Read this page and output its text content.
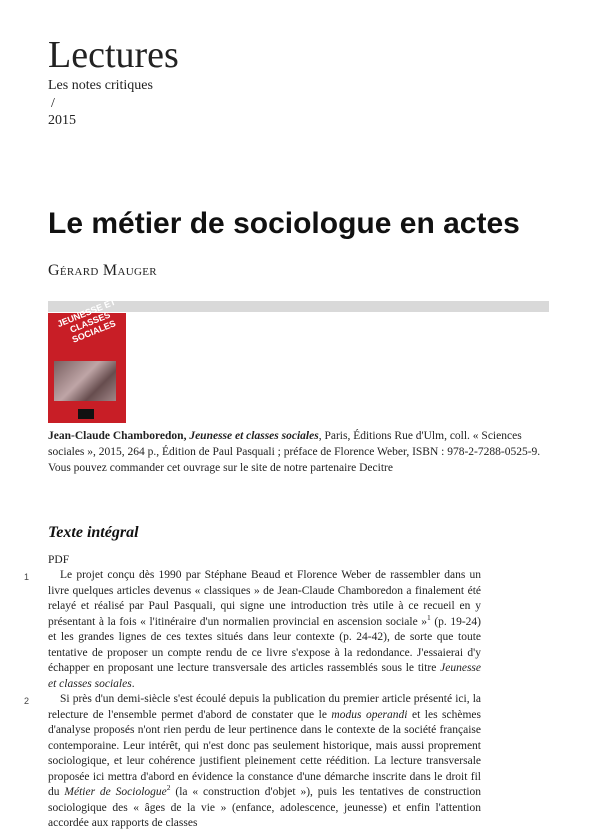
Lectures
Les notes critiques
/
2015
Le métier de sociologue en actes
Gérard Mauger
JEUNESSE ET CLASSES SOCIALES
Jean-Claude Chamboredon, Jeunesse et classes sociales, Paris, Éditions Rue d'Ulm, coll. « Sciences sociales », 2015, 264 p., Édition de Paul Pasquali ; préface de Florence Weber, ISBN : 978-2-7288-0525-9.
Vous pouvez commander cet ouvrage sur le site de notre partenaire Decitre
Texte intégral
PDF
1	Le projet conçu dès 1990 par Stéphane Beaud et Florence Weber de rassembler dans un livre quelques articles devenus « classiques » de Jean-Claude Chamboredon a finalement été relayé et réalisé par Paul Pasquali, qui signe une introduction très utile à ce recueil en y présentant à la fois « l'itinéraire d'un normalien provincial en ascension sociale »$^1$ (p. 19-24) et les grandes lignes de ces textes situés dans leur contexte (p. 24-42), de sorte que toute tentative de proposer un compte rendu de ce livre s'expose à la redondance. J'essaierai d'y échapper en proposant une lecture transversale des articles rassemblés sous le titre Jeunesse et classes sociales.

2	Si près d'un demi-siècle s'est écoulé depuis la publication du premier article présenté ici, la relecture de l'ensemble permet d'abord de constater que le modus operandi et les schèmes d'analyse proposés n'ont rien perdu de leur pertinence dans le contexte de la société française contemporaine. Leur intérêt, qui n'est donc pas seulement historique, mais aussi proprement sociologique, et leur cohérence justifient pleinement cette réédition. La lecture transversale proposée ici mettra d'abord en évidence la constance d'une démarche inscrite dans le droit fil du Métier de Sociologue$^2$ (la « construction d'objet »), puis les tentatives de construction sociologique des « âges de la vie » (enfance, adolescence, jeunesse) et enfin l'attention accordée aux rapports de classes
